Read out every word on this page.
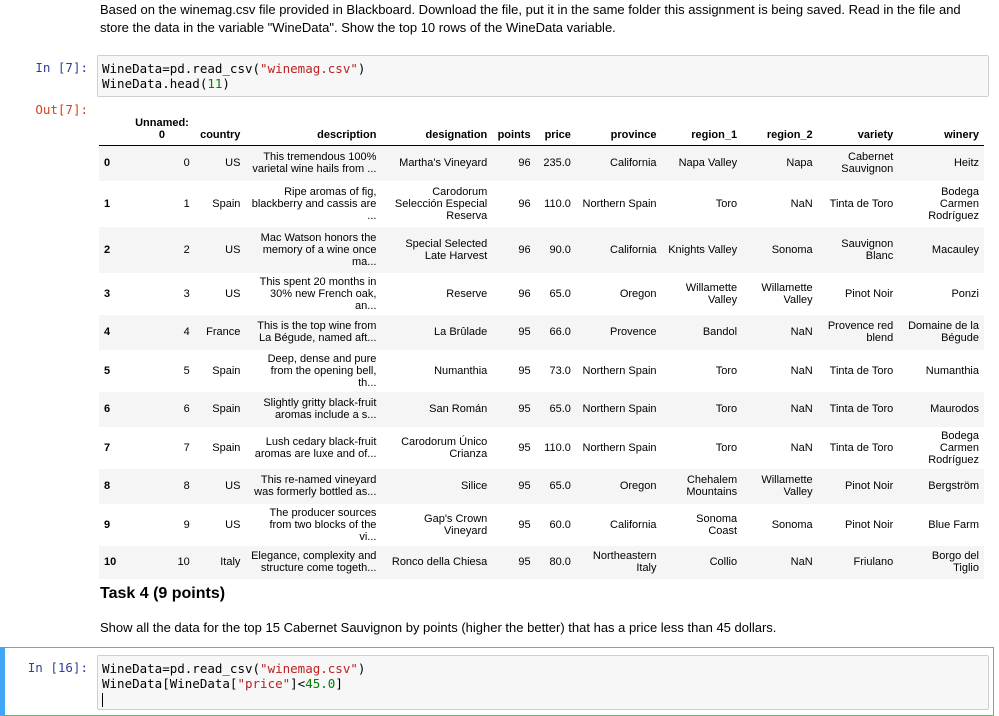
Based on the winemag.csv file provided in Blackboard. Download the file, put it in the same folder this assignment is being saved. Read in the file and store the data in the variable "WineData". Show the top 10 rows of the WineData variable.
In [7]: WineData=pd.read_csv("winemag.csv")
WineData.head(11)
Out[7]:
	Unnamed: 0	country	description	designation	points	price	province	region_1	region_2	variety	winery
0	0	US	This tremendous 100% varietal wine hails from ...	Martha's Vineyard	96	235.0	California	Napa Valley	Napa	Cabernet Sauvignon	Heitz
1	1	Spain	Ripe aromas of fig, blackberry and cassis are ...	Carodorum Selección Especial Reserva	96	110.0	Northern Spain	Toro	NaN	Tinta de Toro	Bodega Carmen Rodríguez
2	2	US	Mac Watson honors the memory of a wine once ma...	Special Selected Late Harvest	96	90.0	California	Knights Valley	Sonoma	Sauvignon Blanc	Macauley
3	3	US	This spent 20 months in 30% new French oak, an...	Reserve	96	65.0	Oregon	Willamette Valley	Willamette Valley	Pinot Noir	Ponzi
4	4	France	This is the top wine from La Bégude, named aft...	La Brûlade	95	66.0	Provence	Bandol	NaN	Provence red blend	Domaine de la Bégude
5	5	Spain	Deep, dense and pure from the opening bell, th...	Numanthia	95	73.0	Northern Spain	Toro	NaN	Tinta de Toro	Numanthia
6	6	Spain	Slightly gritty black-fruit aromas include a s...	San Román	95	65.0	Northern Spain	Toro	NaN	Tinta de Toro	Maurodos
7	7	Spain	Lush cedary black-fruit aromas are luxe and of...	Carodorum Único Crianza	95	110.0	Northern Spain	Toro	NaN	Tinta de Toro	Bodega Carmen Rodríguez
8	8	US	This re-named vineyard was formerly bottled as...	Silice	95	65.0	Oregon	Chehalem Mountains	Willamette Valley	Pinot Noir	Bergström
9	9	US	The producer sources from two blocks of the vi...	Gap's Crown Vineyard	95	60.0	California	Sonoma Coast	Sonoma	Pinot Noir	Blue Farm
10	10	Italy	Elegance, complexity and structure come togeth...	Ronco della Chiesa	95	80.0	Northeastern Italy	Collio	NaN	Friulano	Borgo del Tiglio
Task 4 (9 points)
Show all the data for the top 15 Cabernet Sauvignon by points (higher the better) that has a price less than 45 dollars.
In [16]: WineData=pd.read_csv("winemag.csv")
WineData[WineData["price"]<45.0]
